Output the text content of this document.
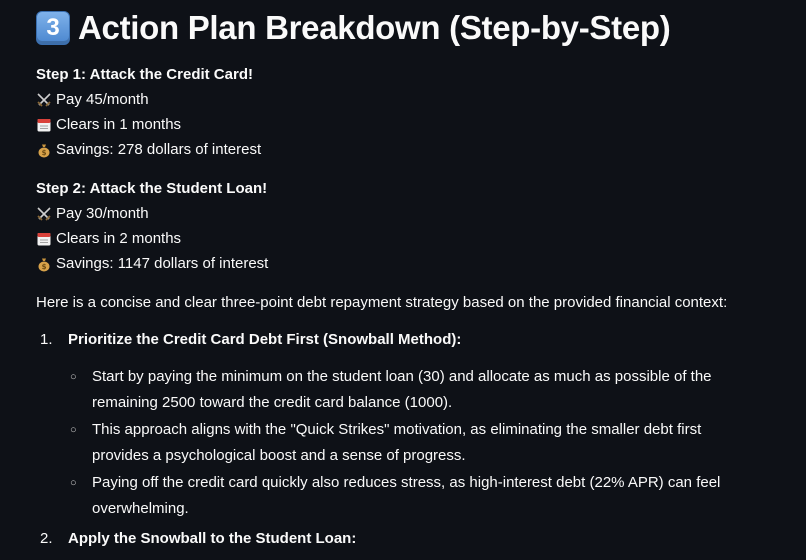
3 Action Plan Breakdown (Step-by-Step)
Step 1: Attack the Credit Card!
Pay 45/month
Clears in 1 months
$ Savings: 278 dollars of interest
Step 2: Attack the Student Loan!
Pay 30/month
Clears in 2 months
$ Savings: 1147 dollars of interest
Here is a concise and clear three-point debt repayment strategy based on the provided financial context:
1.	Prioritize the Credit Card Debt First (Snowball Method):
○	Start by paying the minimum on the student loan (30) and allocate as much as possible of the remaining 2500 toward the credit card balance (1000).
○	This approach aligns with the "Quick Strikes" motivation, as eliminating the smaller debt first provides a psychological boost and a sense of progress.
○	Paying off the credit card quickly also reduces stress, as high-interest debt (22% APR) can feel overwhelming.
2.	Apply the Snowball to the Student Loan:
